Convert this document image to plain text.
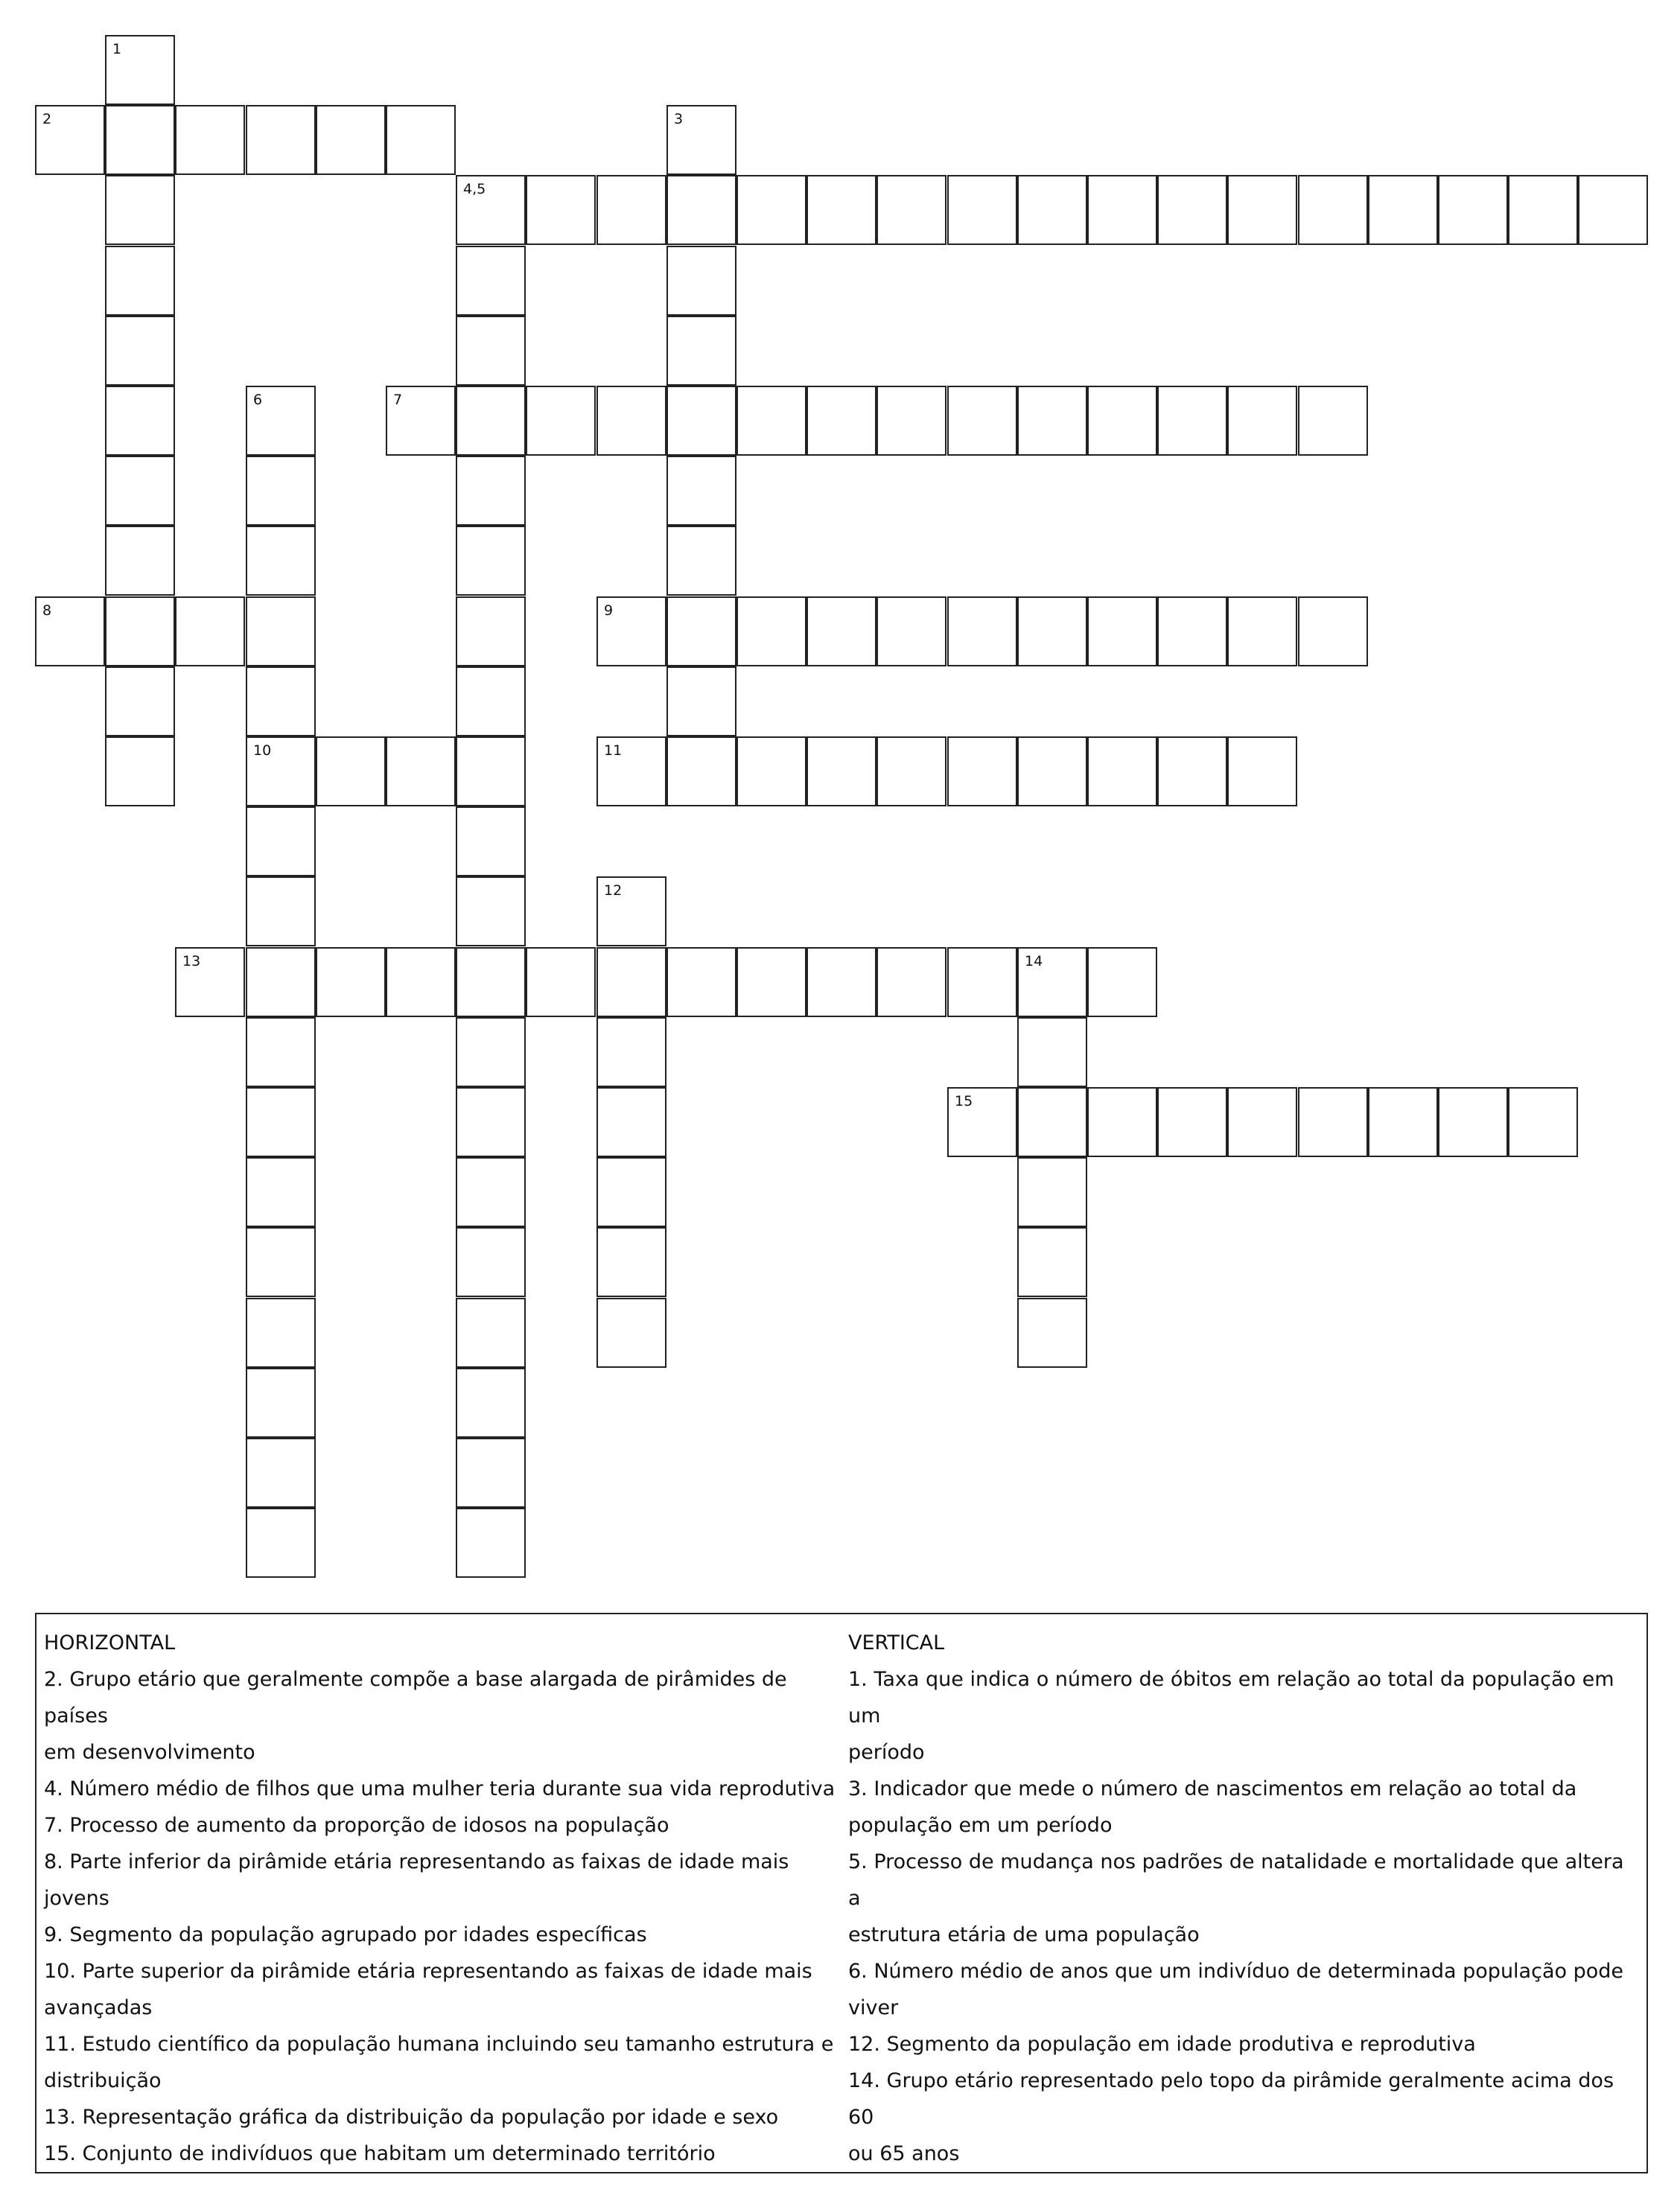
1
2	3
4,5
6	7
8	9
10	11
12
13	14
15

HORIZONTAL

2. Grupo etário que geralmente compõe a base alargada de pirâmides de países

em desenvolvimento

4. Número médio de filhos que uma mulher teria durante sua vida reprodutiva

7. Processo de aumento da proporção de idosos na população

8. Parte inferior da pirâmide etária representando as faixas de idade mais

jovens

9. Segmento da população agrupado por idades específicas

10. Parte superior da pirâmide etária representando as faixas de idade mais

avançadas

11. Estudo científico da população humana incluindo seu tamanho estrutura e

distribuição

13. Representação gráfica da distribuição da população por idade e sexo

15. Conjunto de indivíduos que habitam um determinado território

VERTICAL

1. Taxa que indica o número de óbitos em relação ao total da população em um

período

3. Indicador que mede o número de nascimentos em relação ao total da

população em um período

5. Processo de mudança nos padrões de natalidade e mortalidade que altera a

estrutura etária de uma população

6. Número médio de anos que um indivíduo de determinada população pode

viver

12. Segmento da população em idade produtiva e reprodutiva

14. Grupo etário representado pelo topo da pirâmide geralmente acima dos 60

ou 65 anos
